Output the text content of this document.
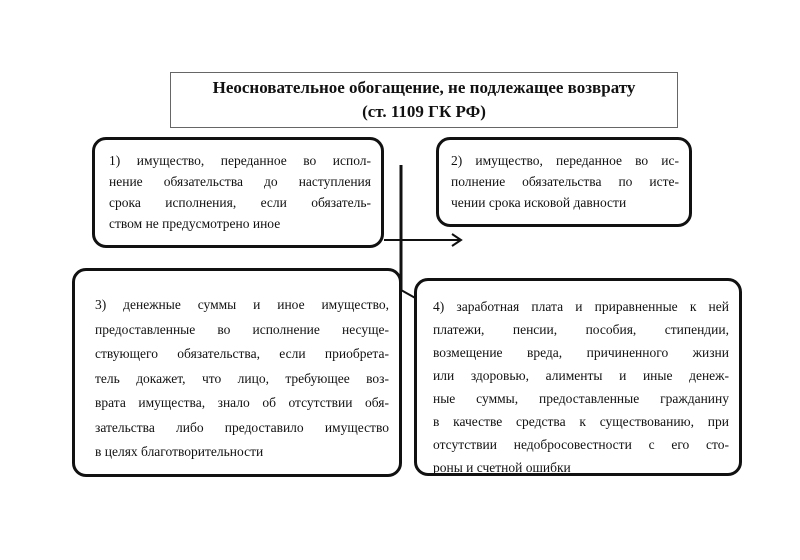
Неосновательное обогащение, не подлежащее возврату
(ст. 1109 ГК РФ)
1) имущество, переданное во испол-
нение обязательства до наступления
срока исполнения, если обязатель-
ством не предусмотрено иное
2) имущество, переданное во ис-
полнение обязательства по исте-
чении срока исковой давности
3) денежные суммы и иное имущество,
предоставленные во исполнение несуще-
ствующего обязательства, если приобрета-
тель докажет, что лицо, требующее воз-
врата имущества, знало об отсутствии обя-
зательства либо предоставило имущество
в целях благотворительности
4) заработная плата и приравненные к ней
платежи, пенсии, пособия, стипендии,
возмещение вреда, причиненного жизни
или здоровью, алименты и иные денеж-
ные суммы, предоставленные гражданину
в качестве средства к существованию, при
отсутствии недобросовестности с его сто-
роны и счетной ошибки
